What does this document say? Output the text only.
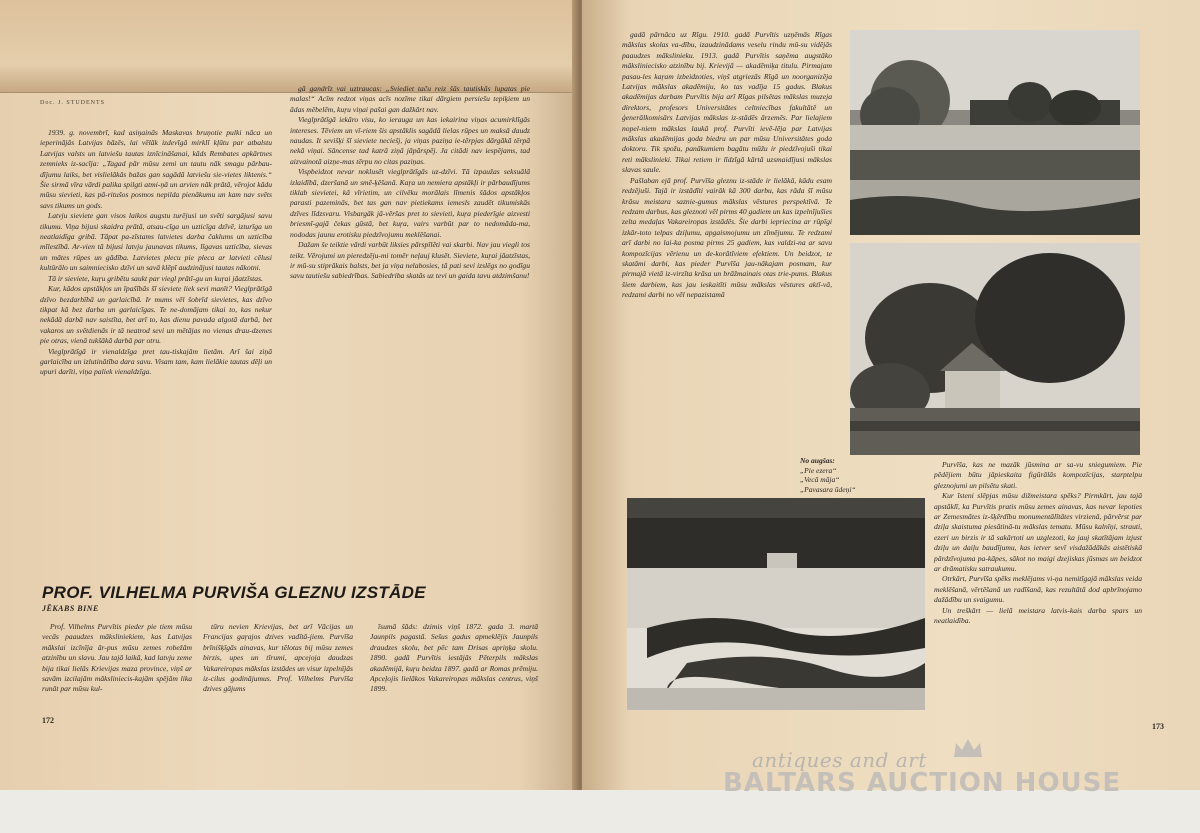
Doc. J. STUDENTS

1939. g. novembrī, kad asiņainās Maskavas bruņotie pulki nāca un ieperinājās Latvijas bāzēs, lai vēlāk izdevīgā mirklī kļūtu par atbalstu Latvijas valsts un latviešu tautas iznīcināšanai, kāds Rembates apkārtnes zemnieks iz-sacīja: „Tagad pār mūsu zemi un tautu nāk smagu pārbau-dījumu laiks, bet vislielākās bažas gan sagādā latviešu sie-vietes liktenis.“ Šie sirmā vīra vārdi palika spilgti atmi-ņā un arvien nāk prātā, vērojot kādu mūsu sievieti, kas pā-ritušos posmos nepilda pienākumu un kam nav svēts savs tikums un gods.

Latvju sieviete gan visos laikos augstu turējusi un svēti sargājusi savu tikumu. Viņa bijusi skaidra prātā, atsau-cīga un uzticīga dzīvē, izturīga un neatlaidīga gribā. Tāpat pa-zīstams latvietes darba čaklums un uzticība mīlestībā. Ar-vien tā bijusi latvju jaunavas tikums, līgavas uzticība, sievas un mātes rūpes un gādība. Latvietes plecu pie pleca ar latvieti cēlusi kultūrālo un saimniecisko dzīvi un savā klēpī audzinājusi tautas nākotni.

Tā ir sieviete, kuŗu gribētu saukt par viegl prātī-gu un kuŗai jāatzīstas.

Kur, kādos apstākļos un īpašībās šī sieviete liek sevi manīt? Vieglprātīgā dzīvo bezdarbībā un garlaicībā. Ir mums vēl šobrīd sievietes, kas dzīvo tikpat kā bez darba un garlaicīgas. Te ne-domājam tikai to, kas nekur nekādā darbā nav saistīta, bet arī to, kas dienu pavada algotā darbā, bet vakaros un svētdienās ir tā neatrod sevi un mētājas no vienas drau-dzenes pie otras, vienā tukšākā darbā par otru.

Vieglprātīgā ir vienaldzīga pret tau-tiskajām lietām. Arī šai ziņā garlaicība un izlutinātība dara savu. Visam tam, kam lielākie tautas dēļi un upuri darīti, viņa paliek vienaldzīga.

gā gandrīz vai uztraucas: „Sviediet taču reiz šās tautiskās lupatas pie malas!“ Acīm redzot viņas acīs nozīme tikai dārgiem persiešu tepiķiem un ādas mēbelēm, kuŗu viņai pašai gan dažkārt nav.

Vieglprātīgā iekāro visu, ko ierauga un kas iekairina viņas acumirklīgās intereses. Tēviem un vī-riem šis apstāklis sagādā lielas rūpes un maksā daudz naudas. It sevišķi šī sieviete neciešj, ja viņas paziņa ie-tērpjas dārgākā tērpā nekā viņai. Sāncense tad katrā ziņā jāpārspēj. Ja citādi nav iespējams, tad aizvainotā aizņe-mas tērpu no citas paziņas.

Vispbeidzot nevar noklusēt vieglprātīgās uz-dzīvi. Tā izpaužas seksuālā izlaidībā, dzeršanā un smē-ķēšanā. Kaŗa un nemiera apstākļi ir pārbaudījums tiklab sievietei, kā vīrietim, un cilvēku morālais līmenis šādos apstākļos parasti pazeminās, bet tas gan nav pietiekams iemesls zaudēt tikumiskās dzīves līdzsvaru. Visbargāk jā-vēršas pret to sievieti, kuŗa piederīgie aizvesti briesmī-gajā čekas gūstā, bet kuŗa, vairs varbūt par to nedomāda-ma, nododas jaunu erotisku piedzīvojumu meklēšanai.

Dažam še teiktie vārdi varbūt liksies pārspīlēti vai skarbi. Nav jau viegli tos teikt. Vērojumi un pieredzēju-mi tomēr neļauj klusēt. Sieviete, kuŗai jāatzīstas, ir mū-su stiprākais balsts, bet ja viņa nelabosies, tā pati sevi izslēgs no godīgu savu tautiešu sabiedrības. Sabiedriba skatās uz tevi un gaida tavu atdzimšanu!

PROF. VILHELMA PURVIŠA GLEZNU IZSTĀDE
JĒKABS BINE

Prof. Vilhelms Purvītis pieder pie tiem mūsu vecās paaudzes māksliniekiem, kas Latvijas mākslai izcīnīja ār-pus mūsu zemes robežām atzinību un slavu. Jau tajā laikā, kad latvju zeme bija tikai lielās Krievijas maza province, viņš ar savām izcilajām māksliniecis-kajām spējām lika runāt par mūsu kul-

tūru nevien Krievijas, bet arī Vācijas un Francijas gaŗajos dzives vadītā-jiem. Purvīša brīnišķīgās ainavas, kur tēlotas bij mūsu zemes birzis, upes un tīrumi, apcejoja daudzas Vakareiropas mākslas izstādes un visur izpelnījās iz-cilus godinājumus. Prof. Vilhelms Purvīša dzives gājums

īsumā šāds: dzimis viņš 1872. gada 3. martā Jaunpils pagastā. Sešus gadus apmeklējis Jaunpils draudzes skolu, bet pēc tam Drisas apriņķa skolu. 1890. gadā Purvītis iestājās Pēterpils mākslas akadēmijā, kuŗu beidza 1897. gadā ar Romas prēmiju. Apceļojis lielākos Vakareiropas mākslas centrus, viņš 1899.

172

gadā pārnāca uz Rīgu. 1910. gadā Purvītis uzņēmās Rīgas mākslas skolas va-dību, izaudzinādams veselu rindu mū-su vidējās paaudzes mākslinieku. 1913. gadā Purvītis saņēma augstāko mākslinieciskо atzinību bij. Krievijā — akadēmiķa titulu. Pirmajam pasau-les kaŗam izbeidzoties, viņš atgriezās Rīgā un noorganizēja Latvijas mākslas akadēmiju, ko tas vadīja 15 gadus. Blakus akadēmijas darbam Purvītis bija arī Rīgas pilsētas mākslas muzeja direktors, profesors Universitātes celtniecības fakultātē un ģenerālkomisārs Latvijas mākslas iz-stādēs ārzemēs. Par lielajiem nopel-niem mākslas laukā prof. Purvīti ievē-lēja par Latvijas mākslas akadēmijas goda biedru un par mūsu Universitātes goda doktoru. Tik spožu, panākumiem bagātu mūžu ir piedzīvojuši tikai reti mākslinieki. Tikai retiem ir līdzīgā kārtā uzsmaidījusi mākslas slavas saule.

Pašlaban ejā prof. Purvīša gleznu iz-stāde ir lielākā, kādu esam redzējuši. Tajā ir izstādīti vairāk kā 300 darbu, kas rāda šī mūsu krāsu meistara saznie-gumus mākslas vēstures perspektīvā. Te redzam darbus, kas gleznoti vēl pirms 40 gadiem un kas izpelnījušies zelta medaļas Vakareiropas izstādēs. Šie darbi iepriecina ar rūpīgi izkār-toto telpas dziļumu, apgaismojumu un zīmējumu. Te redzami arī darbi no lai-ka posma pirms 25 gadiem, kas valdzi-na ar savu kompozīcijas vērienu un de-korātīviem efektiem. Un beidzot, te skatāmi darbi, kas pieder Purvīša jau-nākajam posmam, kur pirmajā vietā iz-virzīta krāsa un brāžmainais otas trie-pums. Blakus šiem darbiem, kas jau ieskaitīti mūsu mākslas vēstures aktī-vā, redzami darbi no vēl nepazistamā

No augšas:
„Pie ezera“
„Vecā māja“
„Pavasara ūdeņi“

Purvīša, kas ne mazāk jūsmina ar sa-vu sniegumiem. Pie pēdējiem būtu jāpieskaita figūrālās kompozīcijas, starptelpu gleznojumi un pilsētu skati.

Kur īsteni slēpjas mūsu dižmeistara spēks? Pirmkārt, jau tajā apstāklī, ka Purvītis pratis mūsu zemes ainavas, kas nevar lepoties ar Zemesmātes iz-šķērdību monumentālītātes virzienā, pārvērst par dziļa skaistuma piesātinā-tu mākslas tematu. Mūsu kalnīņi, strauti, ezeri un birzis ir tā sakārtoti un uzglezoti, ka jauj skatītājam izjust dziļu un daiļu baudījumu, kas ietver sevī visdažādākās aistētiskā pārdzīvojuma pa-kāpes, sākot no maigi dzejiskas jūsmas un beidzot ar drāmatisku satraukumu.

Otrkārt, Purvīša spēks meklējams vi-ņa nemitīgajā mākslas veida meklēšanā, vērtēšanā un radīšanā, kas rezultātā dod apbrīnojamo dažādību un svaigumu.

Un treškārt — lielā meistara latvis-kais darba spars un neatlaidība.

173
antiques and art
BALTARS AUCTION HOUSE
